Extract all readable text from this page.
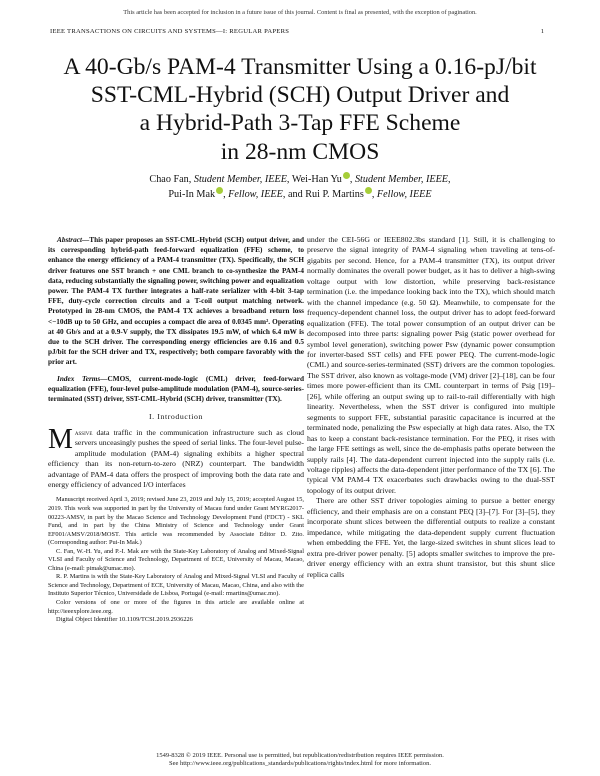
This article has been accepted for inclusion in a future issue of this journal. Content is final as presented, with the exception of pagination.
IEEE TRANSACTIONS ON CIRCUITS AND SYSTEMS—I: REGULAR PAPERS	1
A 40-Gb/s PAM-4 Transmitter Using a 0.16-pJ/bit
SST-CML-Hybrid (SCH) Output Driver and
a Hybrid-Path 3-Tap FFE Scheme
in 28-nm CMOS
Chao Fan, Student Member, IEEE, Wei-Han Yu , Student Member, IEEE,
Pui-In Mak , Fellow, IEEE, and Rui P. Martins , Fellow, IEEE

Abstract—This paper proposes an SST-CML-Hybrid (SCH) output driver, and its corresponding hybrid-path feed-forward equalization (FFE) scheme, to enhance the energy efficiency of a PAM-4 transmitter (TX). Specifically, the SCH driver features one SST branch + one CML branch to co-synthesize the PAM-4 data, reducing substantially the signaling power, switching power and equalization power. The PAM-4 TX further integrates a half-rate serializer with 4-bit 3-tap FFE, duty-cycle correction circuits and a T-coil output matching network. Prototyped in 28-nm CMOS, the PAM-4 TX achieves a broadband return loss <−10dB up to 50 GHz, and occupies a compact die area of 0.0345 mm². Operating at 40 Gb/s and at a 0.9-V supply, the TX dissipates 19.5 mW, of which 6.4 mW is due to the SCH driver. The corresponding energy efficiencies are 0.16 and 0.5 pJ/bit for the SCH driver and TX, respectively; both compare favorably with the prior art.

Index Terms—CMOS, current-mode-logic (CML) driver, feed-forward equalization (FFE), four-level pulse-amplitude modulation (PAM-4), source-series-terminated (SST) driver, SST-CML-Hybrid (SCH) driver, transmitter (TX).

I. Introduction

Massive data traffic in the communication infrastructure such as cloud servers unceasingly pushes the speed of serial links. The four-level pulse-amplitude modulation (PAM-4) signaling exhibits a higher spectral efficiency than its non-return-to-zero (NRZ) counterpart. The bandwidth advantage of PAM-4 data offers the prospect of improving both the data rate and energy efficiency of advanced I/O interfaces

Manuscript received April 3, 2019; revised June 23, 2019 and July 15, 2019; accepted August 15, 2019. This work was supported in part by the University of Macau fund under Grant MYRG2017-00223-AMSV, in part by the Macao Science and Technology Development Fund (FDCT) - SKL Fund, and in part by the China Ministry of Science and Technology under Grant EF001/AMSV/2018/MOST. This article was recommended by Associate Editor D. Zito. (Corresponding author: Pui-In Mak.)

C. Fan, W.-H. Yu, and P.-I. Mak are with the State-Key Laboratory of Analog and Mixed-Signal VLSI and Faculty of Science and Technology, Department of ECE, University of Macau, Macao, China (e-mail: pimak@umac.mo).

R. P. Martins is with the State-Key Laboratory of Analog and Mixed-Signal VLSI and Faculty of Science and Technology, Department of ECE, University of Macau, Macao, China, and also with the Instituto Superior Técnico, Universidade de Lisboa, Portugal (e-mail: rmartins@umac.mo).

Color versions of one or more of the figures in this article are available online at http://ieeexplore.ieee.org.

Digital Object Identifier 10.1109/TCSI.2019.2936226

under the CEI-56G or IEEE802.3bs standard [1]. Still, it is challenging to preserve the signal integrity of PAM-4 signaling when traveling at tens-of-gigabits per second. Hence, for a PAM-4 transmitter (TX), its output driver normally dominates the overall power budget, as it has to deliver a high-swing voltage output with low distortion, while preserving back-resistance termination (i.e. the impedance looking back into the TX), which should match with the channel impedance (e.g. 50 Ω). Meanwhile, to compensate for the frequency-dependent channel loss, the output driver has to adopt feed-forward equalization (FFE). The total power consumption of an output driver can be decomposed into three parts: signaling power Psig (static power overhead for symbol level generation), switching power Psw (dynamic power consumption for inverter-based SST cells) and FFE power PEQ. The current-mode-logic (CML) and source-series-terminated (SST) drivers are the common topologies. The SST driver, also known as voltage-mode (VM) driver [2]–[18], can be four times more power-efficient than its CML counterpart in terms of Psig [19]–[26], while offering an output swing up to rail-to-rail differentially with high linearity. Nevertheless, when the SST driver is configured into multiple segments to support FFE, substantial parasitic capacitance is incurred at the terminated node, penalizing the Psw especially at high data rates. Also, the TX has to keep a constant back-resistance termination. For the PEQ, it rises with the large FFE settings as well, since the de-emphasis paths operate between the supply rails [4]. The data-dependent current injected into the supply rails (i.e. voltage ripples) affects the data-dependent jitter performance of the TX [6]. The typical VM PAM-4 TX exacerbates such drawbacks owing to the dual-SST topology of its output driver.

There are other SST driver topologies aiming to pursue a better energy efficiency, and their emphasis are on a constant PEQ [3]–[7]. For [3]–[5], they incorporate shunt slices between the differential outputs to realize a constant impedance, while mitigating the data-dependent supply current fluctuation when embedding the FFE. Yet, the large-sized switches in shunt slices lead to extra pre-driver power penalty. [5] adopts smaller switches to improve the pre-driver energy efficiency with an extra shunt transistor, but this shunt slice replica calls

1549-8328 © 2019 IEEE. Personal use is permitted, but republication/redistribution requires IEEE permission.
See http://www.ieee.org/publications_standards/publications/rights/index.html for more information.
